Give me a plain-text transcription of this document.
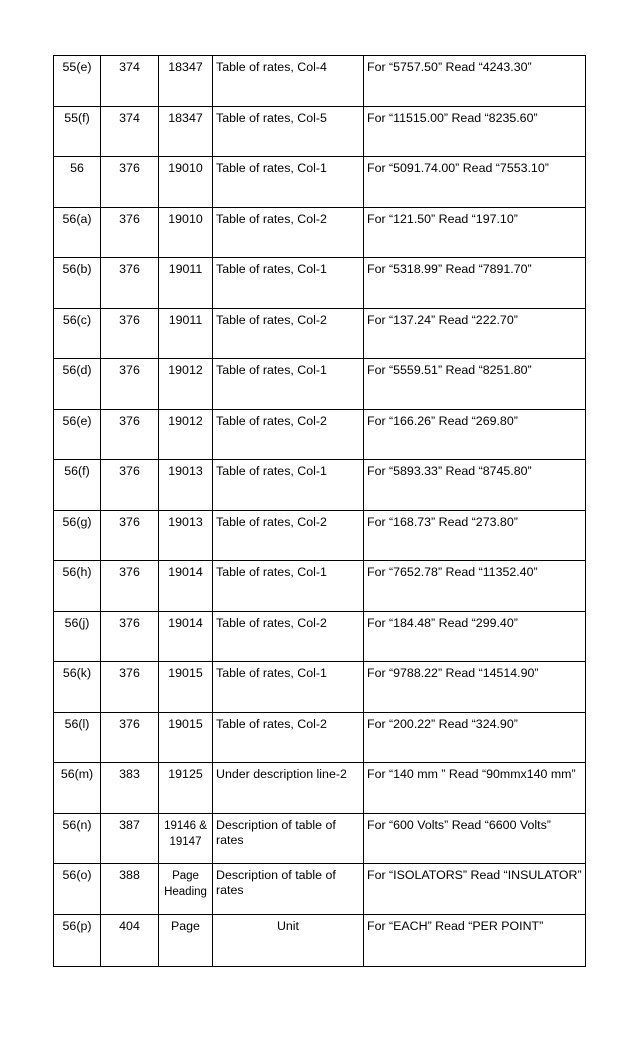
55(e)	374	18347	Table of rates, Col-4	For “5757.50” Read “4243.30”
55(f)	374	18347	Table of rates, Col-5	For “11515.00” Read “8235.60”
56	376	19010	Table of rates, Col-1	For “5091.74.00” Read “7553.10”
56(a)	376	19010	Table of rates, Col-2	For “121.50” Read “197.10”
56(b)	376	19011	Table of rates, Col-1	For “5318.99” Read “7891.70”
56(c)	376	19011	Table of rates, Col-2	For “137.24” Read “222.70”
56(d)	376	19012	Table of rates, Col-1	For “5559.51” Read “8251.80”
56(e)	376	19012	Table of rates, Col-2	For “166.26” Read “269.80”
56(f)	376	19013	Table of rates, Col-1	For “5893.33” Read “8745.80”
56(g)	376	19013	Table of rates, Col-2	For “168.73” Read “273.80”
56(h)	376	19014	Table of rates, Col-1	For “7652.78” Read “11352.40”
56(j)	376	19014	Table of rates, Col-2	For “184.48” Read “299.40”
56(k)	376	19015	Table of rates, Col-1	For “9788.22” Read “14514.90”
56(l)	376	19015	Table of rates, Col-2	For “200.22” Read “324.90”
56(m)	383	19125	Under description line-2	For “140 mm ” Read “90mmx140 mm”
56(n)	387	19146 & 19147	Description of table of rates	For “600 Volts” Read “6600 Volts”
56(o)	388	Page Heading	Description of table of rates	For “ISOLATORS” Read “INSULATOR”
56(p)	404	Page	Unit	For “EACH” Read “PER POINT”
